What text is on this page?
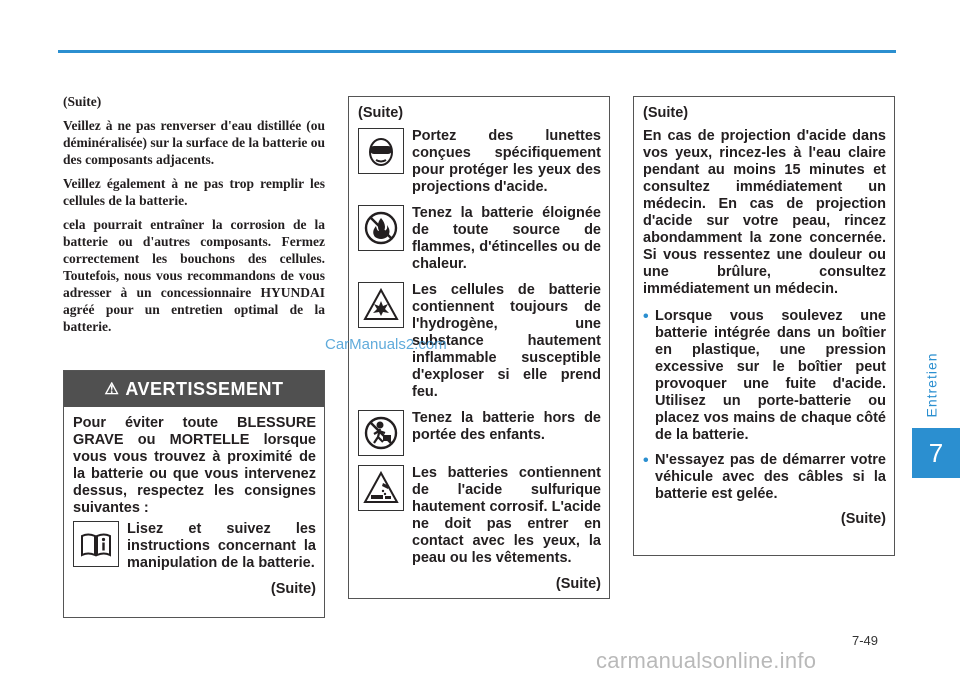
Entretien
7

(Suite)

Veillez à ne pas renverser d'eau distillée (ou déminéralisée) sur la surface de la batterie ou des composants adjacents.

Veillez également à ne pas trop remplir les cellules de la batterie.

cela pourrait entraîner la corrosion de la batterie ou d'autres composants. Fermez correctement les bouchons des cellules. Toutefois, nous vous recommandons de vous adresser à un concessionnaire HYUNDAI agréé pour un entretien optimal de la batterie.

⚠ AVERTISSEMENT

Pour éviter toute BLESSURE GRAVE ou MORTELLE lorsque vous vous trouvez à proximité de la batterie ou que vous intervenez dessus, respectez les consignes suivantes :

Lisez et suivez les instructions concernant la manipulation de la batterie.
(Suite)
(Suite)
Portez des lunettes conçues spécifiquement pour protéger les yeux des projections d'acide.
Tenez la batterie éloignée de toute source de flammes, d'étincelles ou de chaleur.
Les cellules de batterie contiennent toujours de l'hydrogène, une substance hautement inflammable susceptible d'exploser si elle prend feu.
Tenez la batterie hors de portée des enfants.
Les batteries contiennent de l'acide sulfurique hautement corrosif. L'acide ne doit pas entrer en contact avec les yeux, la peau ou les vêtements.
(Suite)
(Suite)

En cas de projection d'acide dans vos yeux, rincez-les à l'eau claire pendant au moins 15 minutes et consultez immédiatement un médecin. En cas de projection d'acide sur votre peau, rincez abondamment la zone concernée. Si vous ressentez une douleur ou une brûlure, consultez immédiatement un médecin.

• Lorsque vous soulevez une batterie intégrée dans un boîtier en plastique, une pression excessive sur le boîtier peut provoquer une fuite d'acide. Utilisez un porte-batterie ou placez vos mains de chaque côté de la batterie.
• N'essayez pas de démarrer votre véhicule avec des câbles si la batterie est gelée.
(Suite)
7-49
CarManuals2.com
carmanualsonline.info
